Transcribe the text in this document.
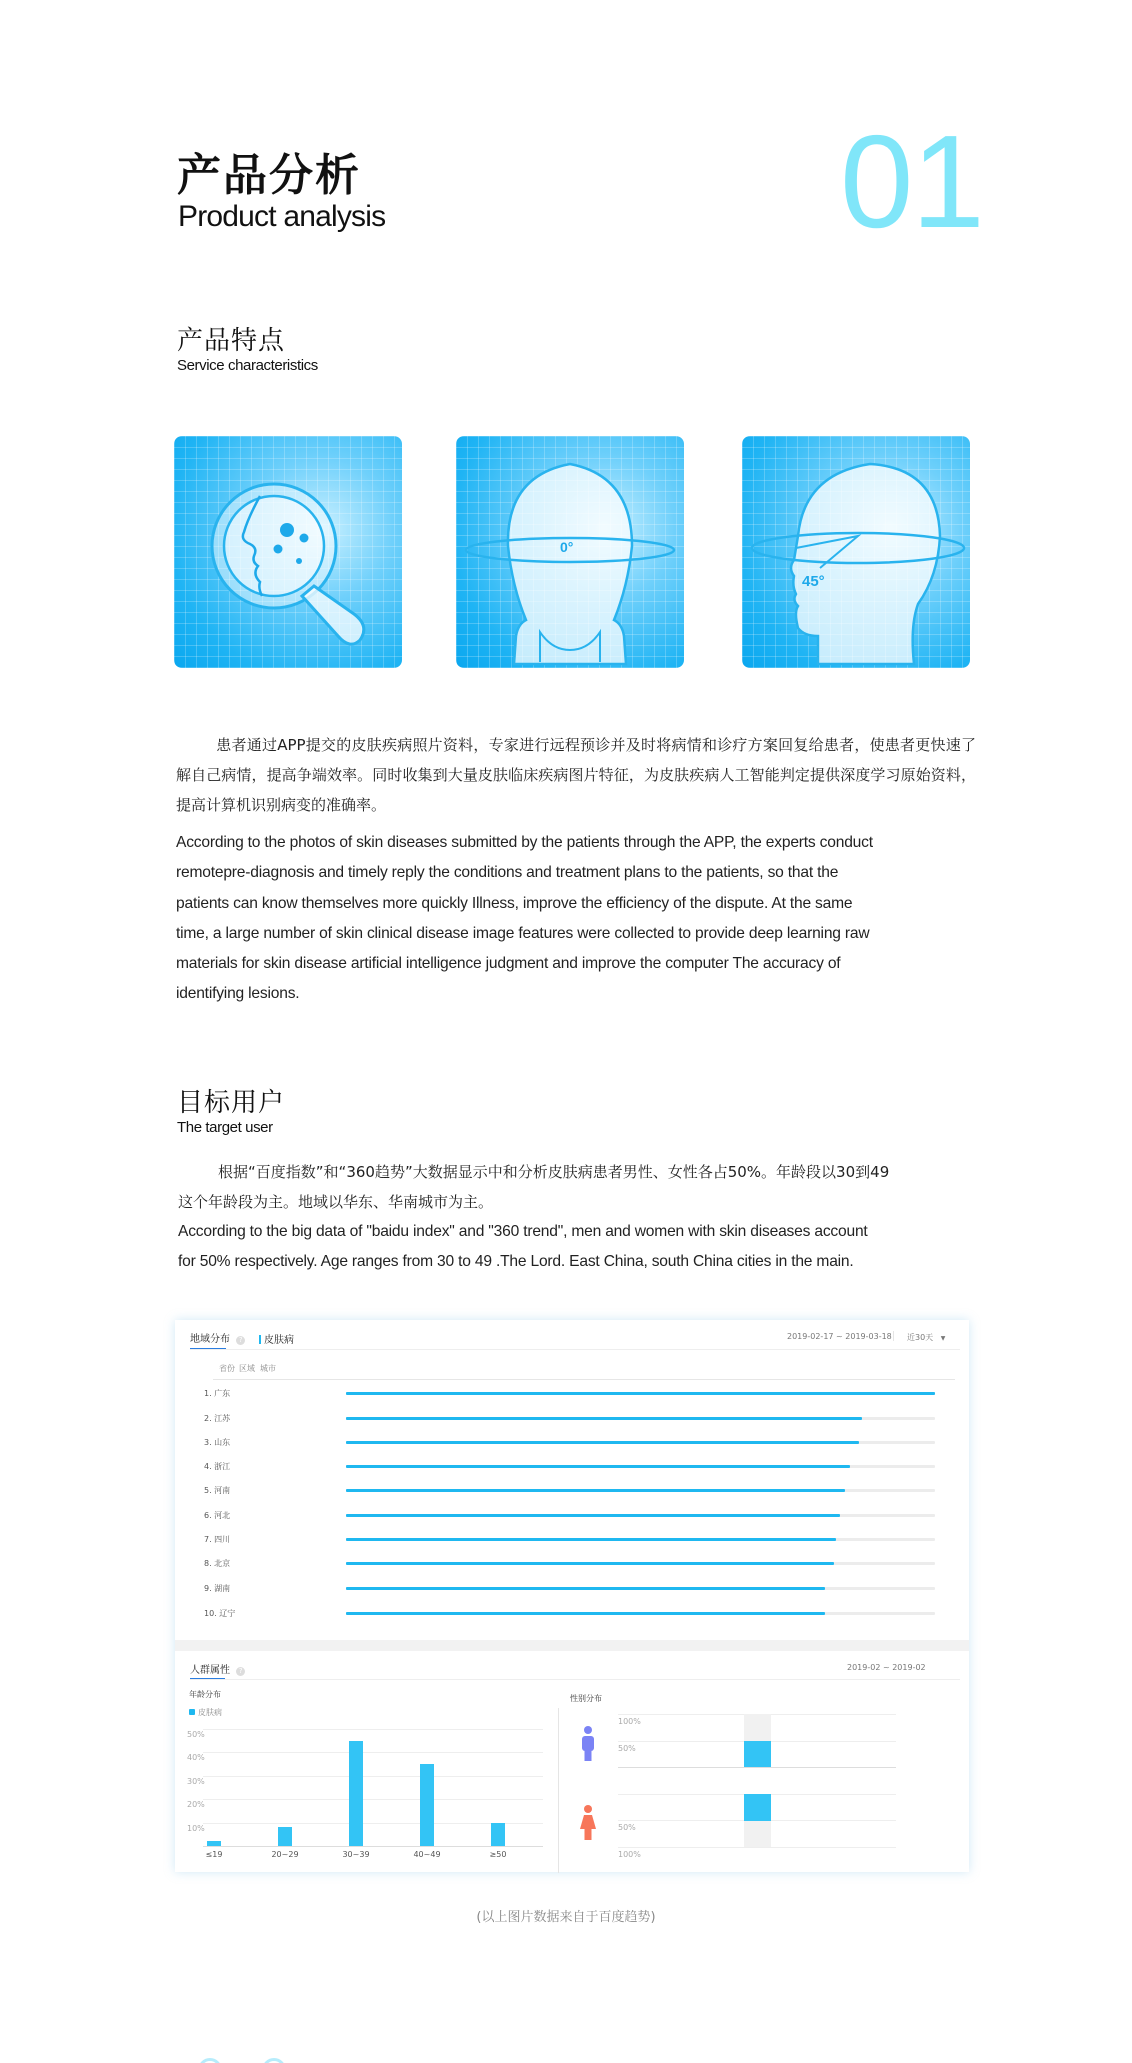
产品分析
Product analysis	01
产品特点
Service characteristics
0°
45°
患者通过APP提交的皮肤疾病照片资料，专家进行远程预诊并及时将病情和诊疗方案回复给患者，使患者更快速了解自己病情，提高争端效率。同时收集到大量皮肤临床疾病图片特征，为皮肤疾病人工智能判定提供深度学习原始资料，提高计算机识别病变的准确率。
According to the photos of skin diseases submitted by the patients through the APP, the experts conduct
remotepre-diagnosis and timely reply the conditions and treatment plans to the patients, so that the
patients can know themselves more quickly Illness, improve the efficiency of the dispute. At the same
time, a large number of skin clinical disease image features were collected to provide deep learning raw
materials for skin disease artificial intelligence judgment and improve the computer The accuracy of
identifying lesions.
目标用户
The target user
根据“百度指数”和“360趋势”大数据显示中和分析皮肤病患者男性、女性各占50%。年龄段以30到49
这个年龄段为主。地域以华东、华南城市为主。
According to the big data of "baidu index" and "360 trend", men and women with skin diseases account
for 50% respectively. Age ranges from 30 to 49 .The Lord. East China, south China cities in the main.
地域分布 ?	皮肤病	2019-02-17 ~ 2019-03-18 近30天 ▼
省份 区域 城市
1. 广东
2. 江苏
3. 山东
4. 浙江
5. 河南
6. 河北
7. 四川
8. 北京
9. 湖南
10. 辽宁
人群属性 ?	2019-02 ~ 2019-02
年龄分布
皮肤病
10%
20%
30%
40%
50%
≤19	20~29	30~39	40~49	≥50
性别分布
100%
50%
50%
100%
(以上图片数据来自于百度趋势)
